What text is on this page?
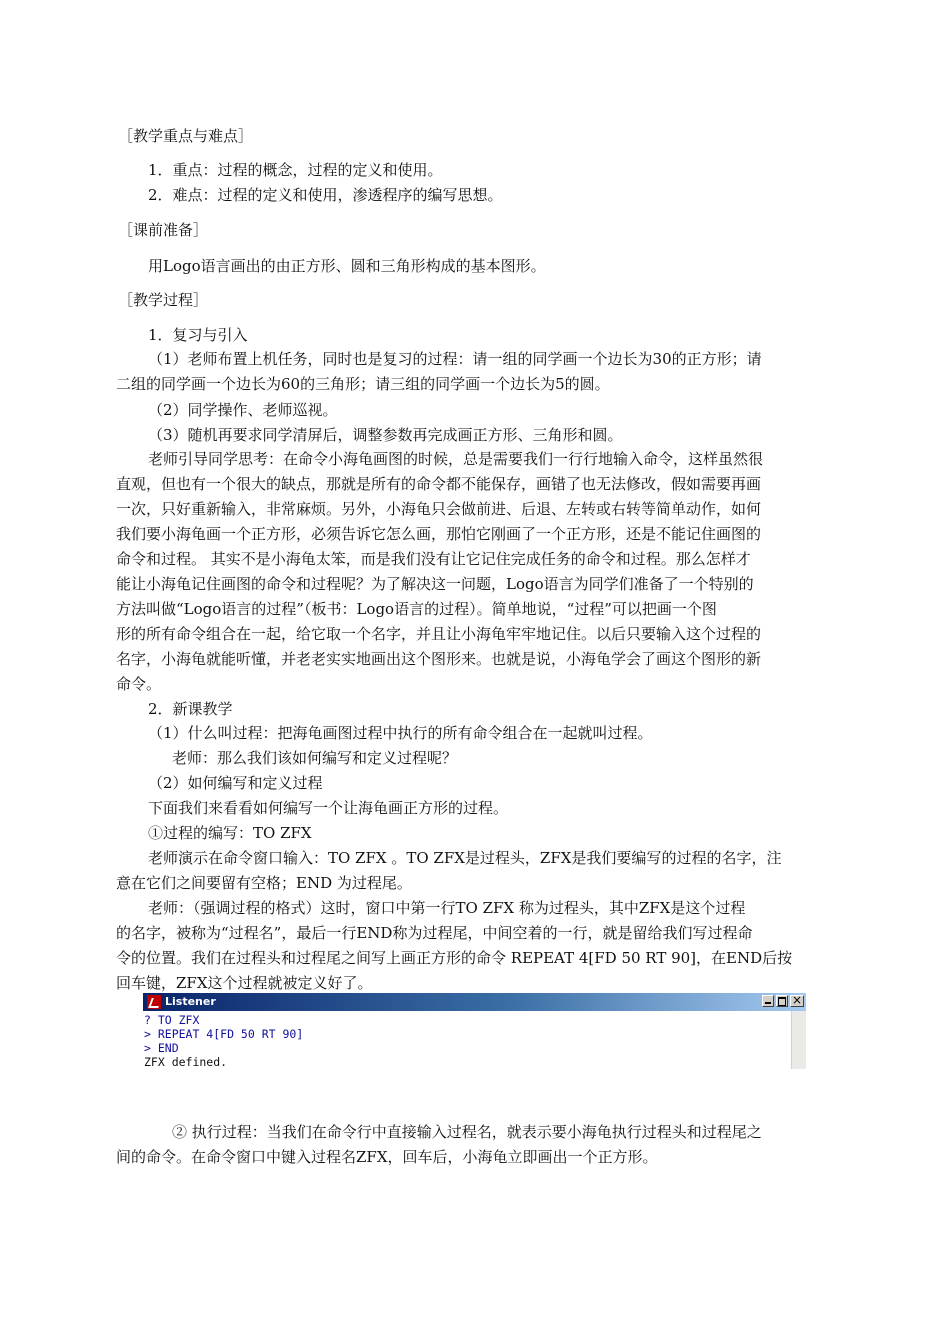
［教学重点与难点］
1．重点：过程的概念，过程的定义和使用。
2．难点：过程的定义和使用，渗透程序的编写思想。
［课前准备］
用Logo语言画出的由正方形、圆和三角形构成的基本图形。
［教学过程］
1．复习与引入
（1）老师布置上机任务，同时也是复习的过程：请一组的同学画一个边长为30的正方形；请
二组的同学画一个边长为60的三角形；请三组的同学画一个边长为5的圆。
（2）同学操作、老师巡视。
（3）随机再要求同学清屏后，调整参数再完成画正方形、三角形和圆。
老师引导同学思考：在命令小海龟画图的时候，总是需要我们一行行地输入命令，这样虽然很
直观，但也有一个很大的缺点，那就是所有的命令都不能保存，画错了也无法修改，假如需要再画
一次，只好重新输入，非常麻烦。另外，小海龟只会做前进、后退、左转或右转等简单动作，如何
我们要小海龟画一个正方形，必须告诉它怎么画，那怕它刚画了一个正方形，还是不能记住画图的
命令和过程。 其实不是小海龟太笨，而是我们没有让它记住完成任务的命令和过程。那么怎样才
能让小海龟记住画图的命令和过程呢？为了解决这一问题，Logo语言为同学们准备了一个特别的
方法叫做“Logo语言的过程”（板书：Logo语言的过程）。简单地说，“过程”可以把画一个图
形的所有命令组合在一起，给它取一个名字，并且让小海龟牢牢地记住。以后只要输入这个过程的
名字，小海龟就能听懂，并老老实实地画出这个图形来。也就是说，小海龟学会了画这个图形的新
命令。
2．新课教学
（1）什么叫过程：把海龟画图过程中执行的所有命令组合在一起就叫过程。
老师：那么我们该如何编写和定义过程呢？
（2）如何编写和定义过程
下面我们来看看如何编写一个让海龟画正方形的过程。
①过程的编写：TO ZFX
老师演示在命令窗口输入：TO ZFX 。TO ZFX是过程头，ZFX是我们要编写的过程的名字，注
意在它们之间要留有空格；END 为过程尾。
老师：（强调过程的格式）这时，窗口中第一行TO ZFX 称为过程头，其中ZFX是这个过程
的名字，被称为“过程名”，最后一行END称为过程尾，中间空着的一行，就是留给我们写过程命
令的位置。我们在过程头和过程尾之间写上画正方形的命令 REPEAT 4[FD 50 RT 90]，在END后按
回车键，ZFX这个过程就被定义好了。
Listener
×
? TO ZFX
> REPEAT 4[FD 50 RT 90]
> END
ZFX defined.
② 执行过程：当我们在命令行中直接输入过程名，就表示要小海龟执行过程头和过程尾之
间的命令。在命令窗口中键入过程名ZFX，回车后，小海龟立即画出一个正方形。
